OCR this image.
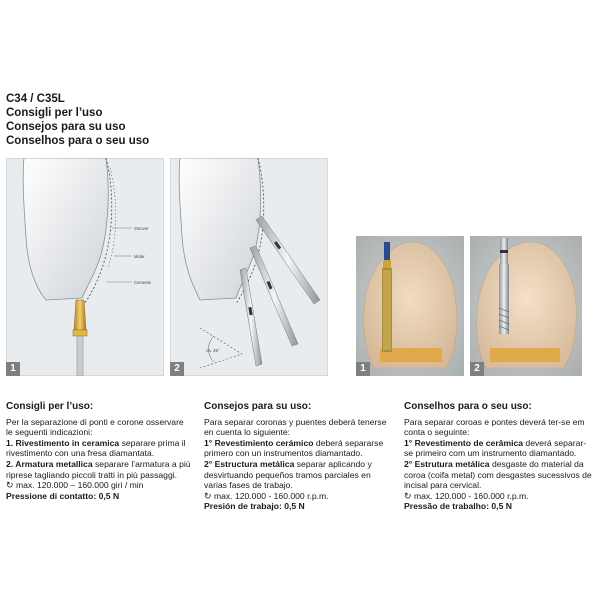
C34 / C35L
Consigli per l’uso
Consejos para su uso
Conselhos para o seu uso
Smover
Molar
Cements
1
ca. 45°
2	1	2
Consigli per l’uso:

Per la separazione di ponti e corone osservare le seguenti indicazioni:

1. Rivestimento in ceramica separare prima il rivestimento con una fresa diamantata.

2. Armatura metallica separare l’armatura a più riprese tagliando piccoli tratti in più passaggi.

↻ max. 120.000 – 160.000 giri / min

Pressione di contatto: 0,5 N

Consejos para su uso:

Para separar coronas y puentes deberá tenerse en cuenta lo siguiente:

1° Revestimiento cerámico deberá separarse primero con un instrumentos diamantado.

2° Estructura metálica separar aplicando y desvirtuando pequeños tramos parciales en varias fases de trabajo.

↻ max. 120.000 - 160.000 r.p.m.

Presión de trabajo: 0,5 N

Conselhos para o seu uso:

Para separar coroas e pontes deverá ter-se em conta o seguinte:

1° Revestimento de cerâmica deverá separar-se primeiro com um instrumento diamantado.

2° Estrutura metálica desgaste do material da coroa (coifa metal) com desgastes sucessivos de incisal para cervical.

↻ max. 120.000 - 160.000 r.p.m.

Pressão de trabalho: 0,5 N
